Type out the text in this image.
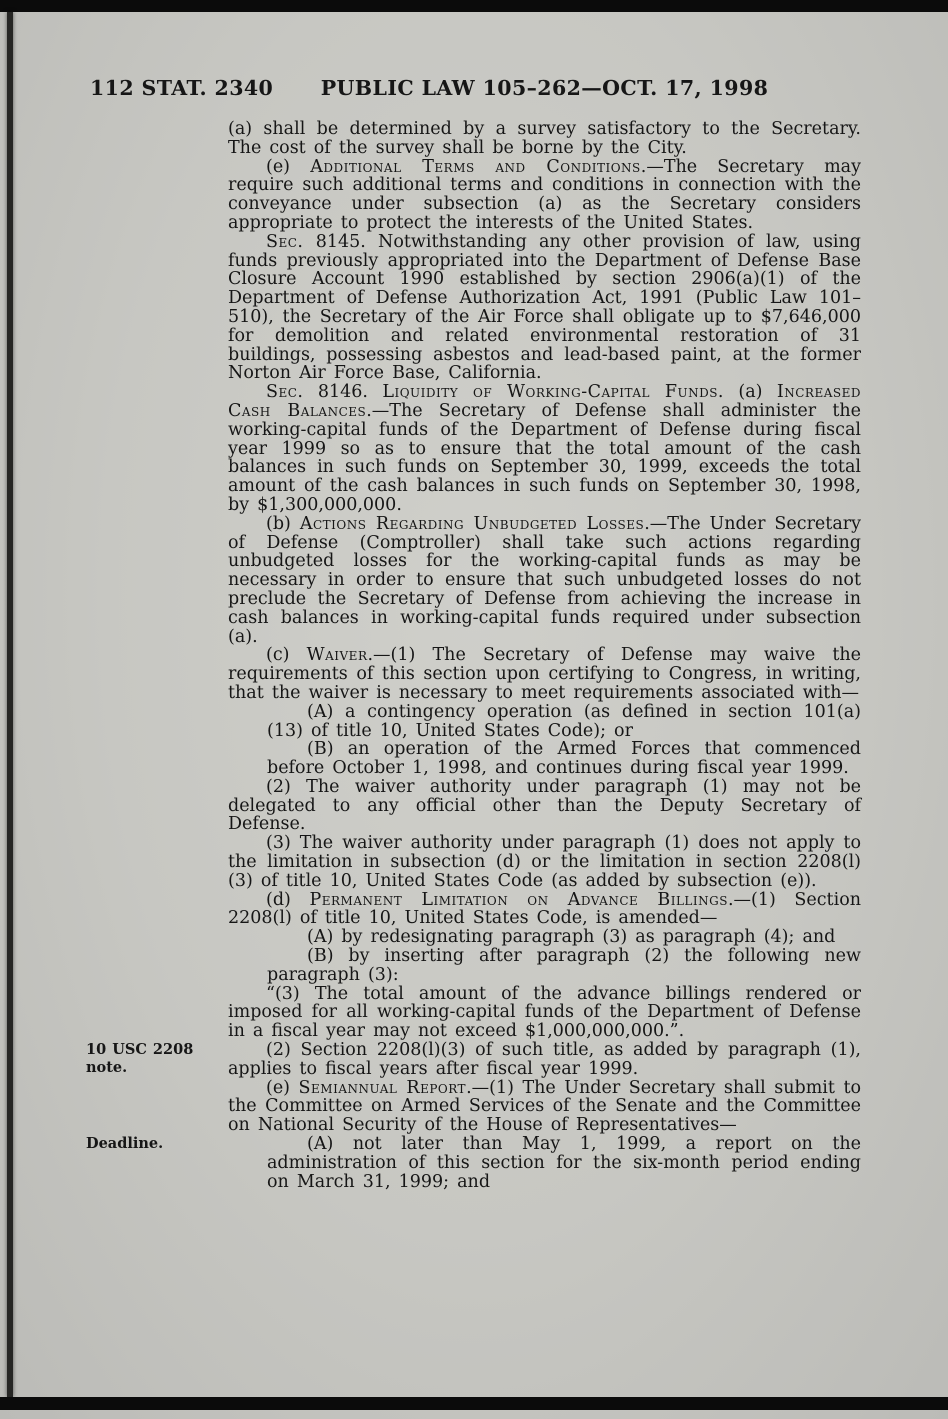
112 STAT. 2340	PUBLIC LAW 105–262—OCT. 17, 1998

(a) shall be determined by a survey satisfactory to the Secretary. The cost of the survey shall be borne by the City.

(e) Additional Terms and Conditions.—The Secretary may require such additional terms and conditions in connection with the conveyance under subsection (a) as the Secretary considers appropriate to protect the interests of the United States.

Sec. 8145. Notwithstanding any other provision of law, using funds previously appropriated into the Department of Defense Base Closure Account 1990 established by section 2906(a)(1) of the Department of Defense Authorization Act, 1991 (Public Law 101–510), the Secretary of the Air Force shall obligate up to $7,646,000 for demolition and related environmental restoration of 31 buildings, possessing asbestos and lead-based paint, at the former Norton Air Force Base, California.

Sec. 8146. Liquidity of Working-Capital Funds. (a) Increased Cash Balances.—The Secretary of Defense shall administer the working-capital funds of the Department of Defense during fiscal year 1999 so as to ensure that the total amount of the cash balances in such funds on September 30, 1999, exceeds the total amount of the cash balances in such funds on September 30, 1998, by $1,300,000,000.

(b) Actions Regarding Unbudgeted Losses.—The Under Secretary of Defense (Comptroller) shall take such actions regarding unbudgeted losses for the working-capital funds as may be necessary in order to ensure that such unbudgeted losses do not preclude the Secretary of Defense from achieving the increase in cash balances in working-capital funds required under subsection (a).

(c) Waiver.—(1) The Secretary of Defense may waive the requirements of this section upon certifying to Congress, in writing, that the waiver is necessary to meet requirements associated with—

(A) a contingency operation (as defined in section 101(a)(13) of title 10, United States Code); or

(B) an operation of the Armed Forces that commenced before October 1, 1998, and continues during fiscal year 1999.

(2) The waiver authority under paragraph (1) may not be delegated to any official other than the Deputy Secretary of Defense.

(3) The waiver authority under paragraph (1) does not apply to the limitation in subsection (d) or the limitation in section 2208(l)(3) of title 10, United States Code (as added by subsection (e)).

(d) Permanent Limitation on Advance Billings.—(1) Section 2208(l) of title 10, United States Code, is amended—

(A) by redesignating paragraph (3) as paragraph (4); and

(B) by inserting after paragraph (2) the following new paragraph (3):

“(3) The total amount of the advance billings rendered or imposed for all working-capital funds of the Department of Defense in a fiscal year may not exceed $1,000,000,000.”.

(2) Section 2208(l)(3) of such title, as added by paragraph (1), applies to fiscal years after fiscal year 1999.

(e) Semiannual Report.—(1) The Under Secretary shall submit to the Committee on Armed Services of the Senate and the Committee on National Security of the House of Representatives—

(A) not later than May 1, 1999, a report on the administration of this section for the six-month period ending on March 31, 1999; and

10 USC 2208 note.
Deadline.
